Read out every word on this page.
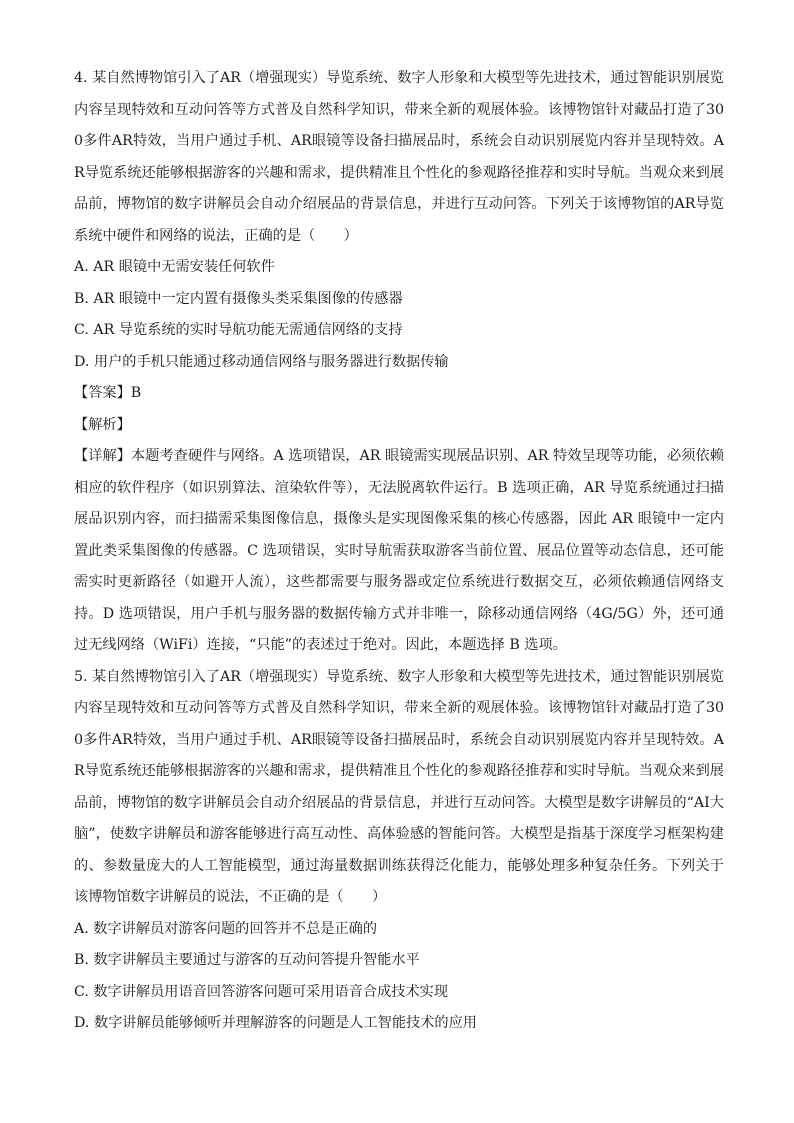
4. 某自然博物馆引入了AR（增强现实）导览系统、数字人形象和大模型等先进技术，通过智能识别展览内容呈现特效和互动问答等方式普及自然科学知识，带来全新的观展体验。该博物馆针对藏品打造了300多件AR特效，当用户通过手机、AR眼镜等设备扫描展品时，系统会自动识别展览内容并呈现特效。AR导览系统还能够根据游客的兴趣和需求，提供精准且个性化的参观路径推荐和实时导航。当观众来到展品前，博物馆的数字讲解员会自动介绍展品的背景信息，并进行互动问答。下列关于该博物馆的AR导览系统中硬件和网络的说法，正确的是（　　）

A. AR 眼镜中无需安装任何软件

B. AR 眼镜中一定内置有摄像头类采集图像的传感器

C. AR 导览系统的实时导航功能无需通信网络的支持

D. 用户的手机只能通过移动通信网络与服务器进行数据传输

【答案】B

【解析】

【详解】本题考查硬件与网络。A 选项错误，AR 眼镜需实现展品识别、AR 特效呈现等功能，必须依赖相应的软件程序（如识别算法、渲染软件等），无法脱离软件运行。B 选项正确，AR 导览系统通过扫描展品识别内容，而扫描需采集图像信息，摄像头是实现图像采集的核心传感器，因此 AR 眼镜中一定内置此类采集图像的传感器。C 选项错误，实时导航需获取游客当前位置、展品位置等动态信息，还可能需实时更新路径（如避开人流），这些都需要与服务器或定位系统进行数据交互，必须依赖通信网络支持。D 选项错误，用户手机与服务器的数据传输方式并非唯一，除移动通信网络（4G/5G）外，还可通过无线网络（WiFi）连接，“只能”的表述过于绝对。因此，本题选择 B 选项。

5. 某自然博物馆引入了AR（增强现实）导览系统、数字人形象和大模型等先进技术，通过智能识别展览内容呈现特效和互动问答等方式普及自然科学知识，带来全新的观展体验。该博物馆针对藏品打造了300多件AR特效，当用户通过手机、AR眼镜等设备扫描展品时，系统会自动识别展览内容并呈现特效。AR导览系统还能够根据游客的兴趣和需求，提供精准且个性化的参观路径推荐和实时导航。当观众来到展品前，博物馆的数字讲解员会自动介绍展品的背景信息，并进行互动问答。大模型是数字讲解员的“AI大脑”，使数字讲解员和游客能够进行高互动性、高体验感的智能问答。大模型是指基于深度学习框架构建的、参数量庞大的人工智能模型，通过海量数据训练获得泛化能力，能够处理多种复杂任务。下列关于该博物馆数字讲解员的说法，不正确的是（　　）

A. 数字讲解员对游客问题的回答并不总是正确的

B. 数字讲解员主要通过与游客的互动问答提升智能水平

C. 数字讲解员用语音回答游客问题可采用语音合成技术实现

D. 数字讲解员能够倾听并理解游客的问题是人工智能技术的应用
